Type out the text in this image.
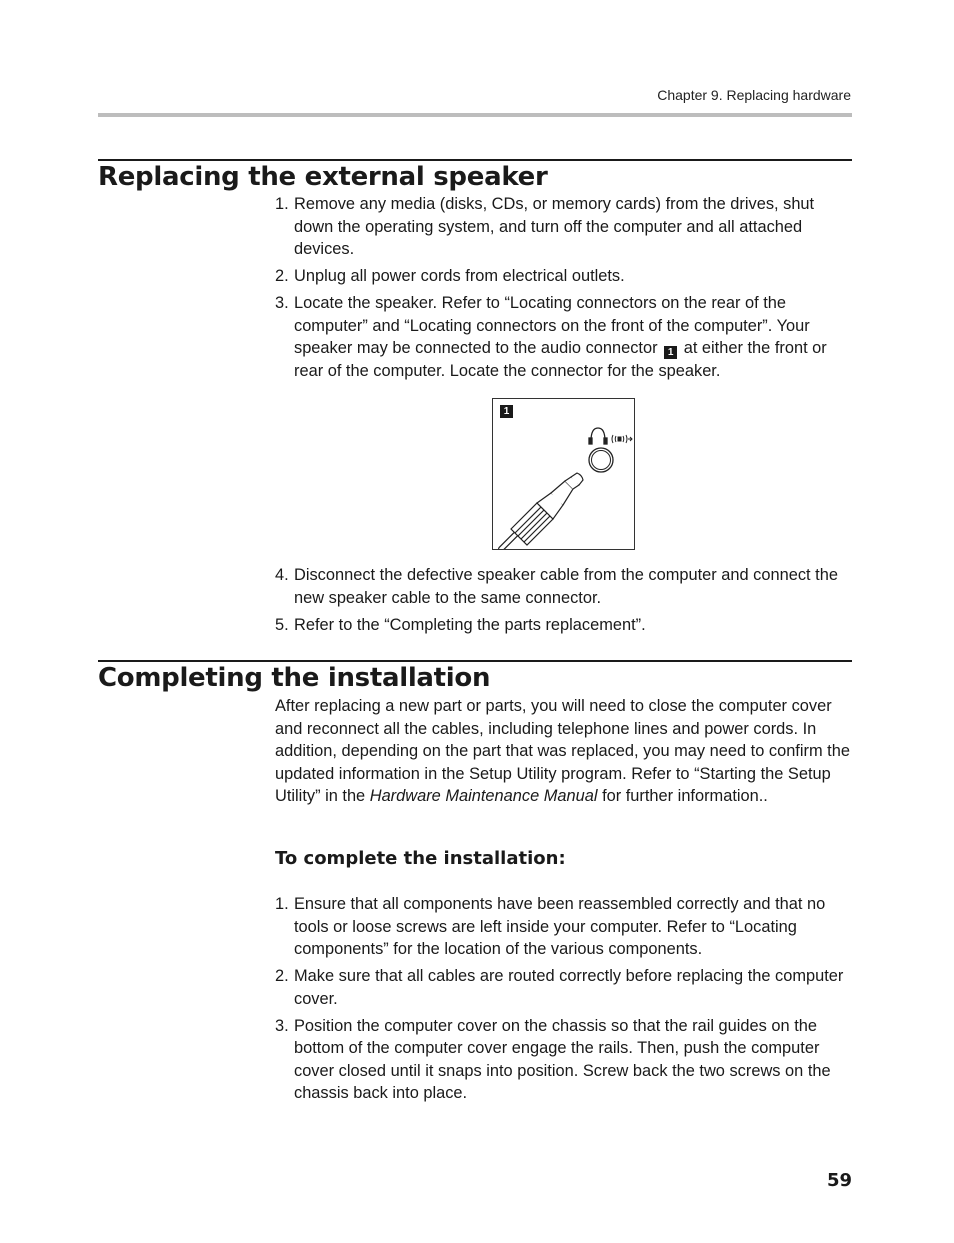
Chapter 9. Replacing hardware
Replacing the external speaker
1. Remove any media (disks, CDs, or memory cards) from the drives, shut down the operating system, and turn off the computer and all attached devices.
2. Unplug all power cords from electrical outlets.
3. Locate the speaker. Refer to “Locating connectors on the rear of the computer” and “Locating connectors on the front of the computer”. Your speaker may be connected to the audio connector 1 at either the front or rear of the computer. Locate the connector for the speaker.
1
4. Disconnect the defective speaker cable from the computer and connect the new speaker cable to the same connector.
5. Refer to the “Completing the parts replacement”.
Completing the installation

After replacing a new part or parts, you will need to close the computer cover and reconnect all the cables, including telephone lines and power cords. In addition, depending on the part that was replaced, you may need to confirm the updated information in the Setup Utility program. Refer to “Starting the Setup Utility” in the Hardware Maintenance Manual for further information..

To complete the installation:
1. Ensure that all components have been reassembled correctly and that no tools or loose screws are left inside your computer. Refer to “Locating components” for the location of the various components.
2. Make sure that all cables are routed correctly before replacing the computer cover.
3. Position the computer cover on the chassis so that the rail guides on the bottom of the computer cover engage the rails. Then, push the computer cover closed until it snaps into position. Screw back the two screws on the chassis back into place.
59
